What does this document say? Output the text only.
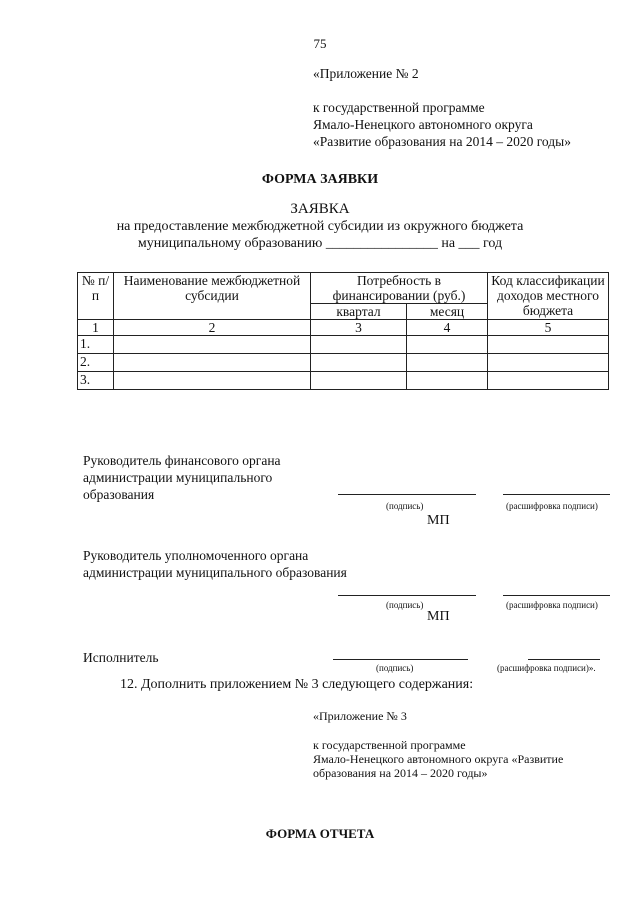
75
«Приложение № 2
к государственной программе
Ямало-Ненецкого автономного округа
«Развитие образования на 2014 – 2020 годы»
ФОРМА ЗАЯВКИ
ЗАЯВКА
на предоставление межбюджетной субсидии из окружного бюджета
муниципальному образованию ________________ на ___ год
№ п/п	Наименование межбюджетной субсидии	Потребность в финансировании (руб.)		Код классификации доходов местного бюджета
		квартал	месяц	
1	2	3	4	5
1.				
2.				
3.				
Руководитель финансового органа администрации муниципального образования
(подпись)	(расшифровка подписи)
МП
Руководитель уполномоченного органа администрации муниципального образования
(подпись)	(расшифровка подписи)
МП
Исполнитель
(подпись)	(расшифровка подписи)».
12. Дополнить приложением № 3 следующего содержания:
«Приложение № 3
к государственной программе
Ямало-Ненецкого автономного округа «Развитие
образования на 2014 – 2020 годы»
ФОРМА ОТЧЕТА
